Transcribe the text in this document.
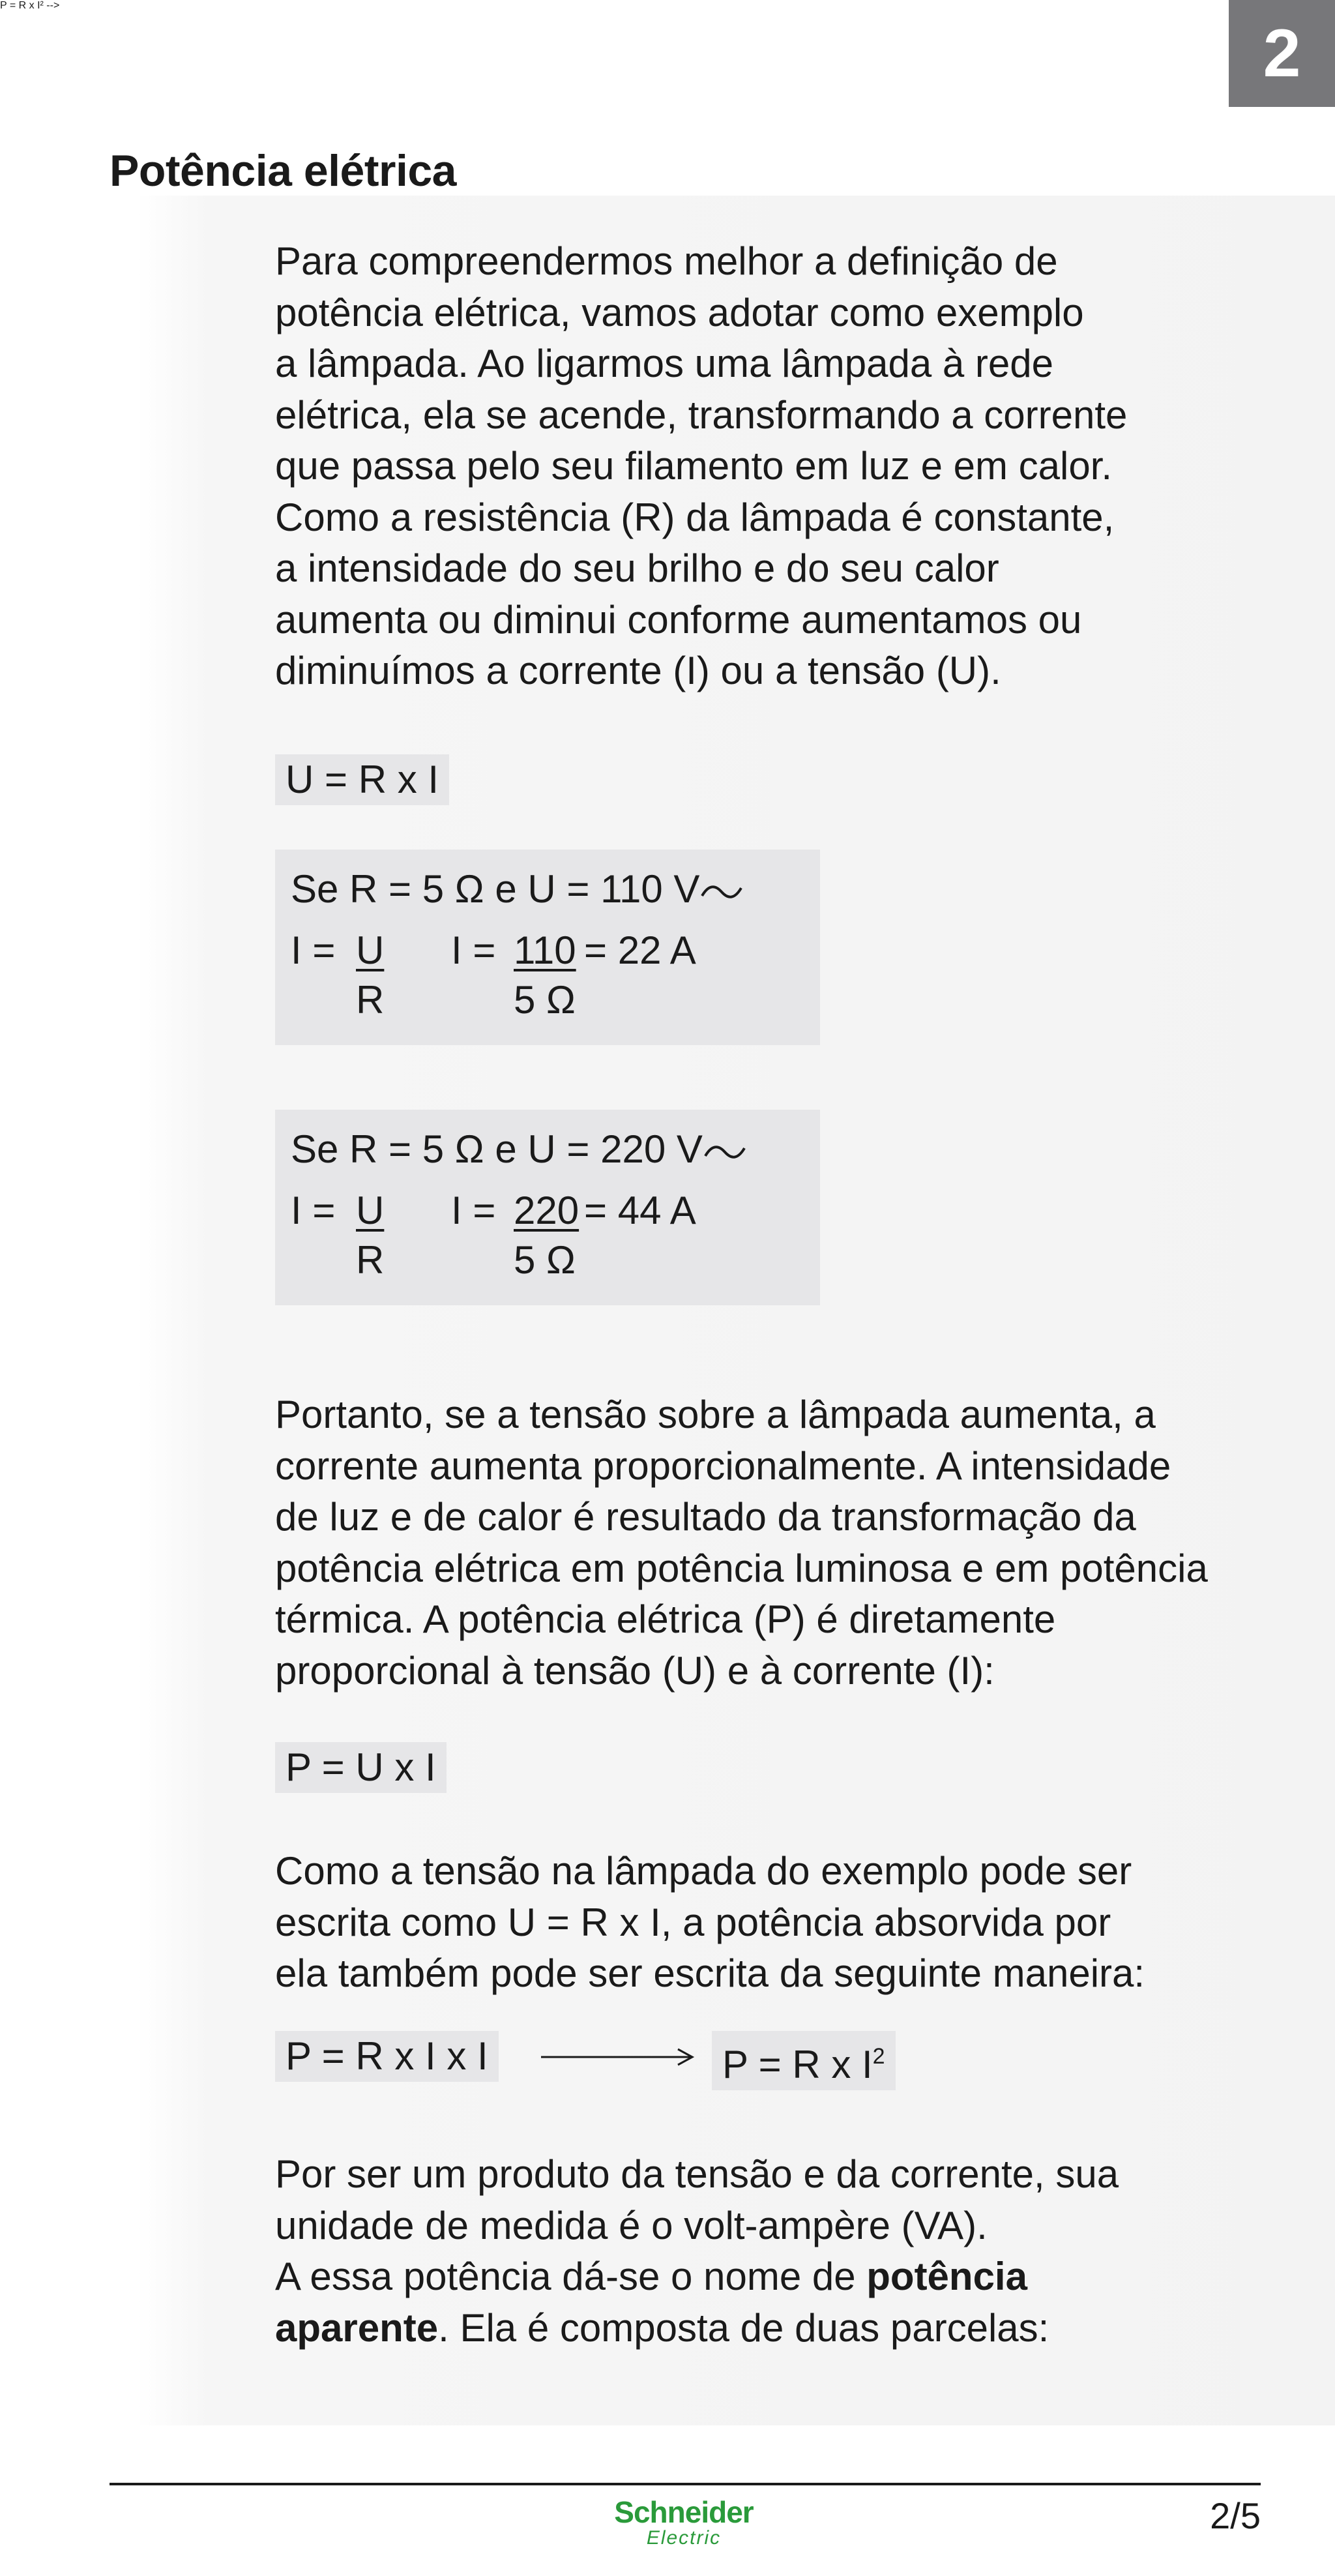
2
Potência elétrica
Para compreendermos melhor a definição de
potência elétrica, vamos adotar como exemplo
a lâmpada. Ao ligarmos uma lâmpada à rede
elétrica, ela se acende, transformando a corrente
que passa pelo seu filamento em luz e em calor.
Como a resistência (R) da lâmpada é constante,
a intensidade do seu brilho e do seu calor
aumenta ou diminui conforme aumentamos ou
diminuímos a corrente (I) ou a tensão (U).
U = R x I
Se R = 5 Ω e U = 110 V
I = U
R
I = 110 = 22 A
5 Ω
Se R = 5 Ω e U = 220 V
I = U
R
I = 220 = 44 A
5 Ω
Portanto, se a tensão sobre a lâmpada aumenta, a
corrente aumenta proporcionalmente. A intensidade
de luz e de calor é resultado da transformação da
potência elétrica em potência luminosa e em potência
térmica. A potência elétrica (P) é diretamente
proporcional à tensão (U) e à corrente (I):
P = U x I
Como a tensão na lâmpada do exemplo pode ser
escrita como U = R x I, a potência absorvida por
ela também pode ser escrita da seguinte maneira:
P = R x I² -->
P = R x I x I	P = R x $I^2$
Por ser um produto da tensão e da corrente, sua
unidade de medida é o volt-ampère (VA).
A essa potência dá-se o nome de potência
aparente. Ela é composta de duas parcelas:
Schneider
Electric
2/5
